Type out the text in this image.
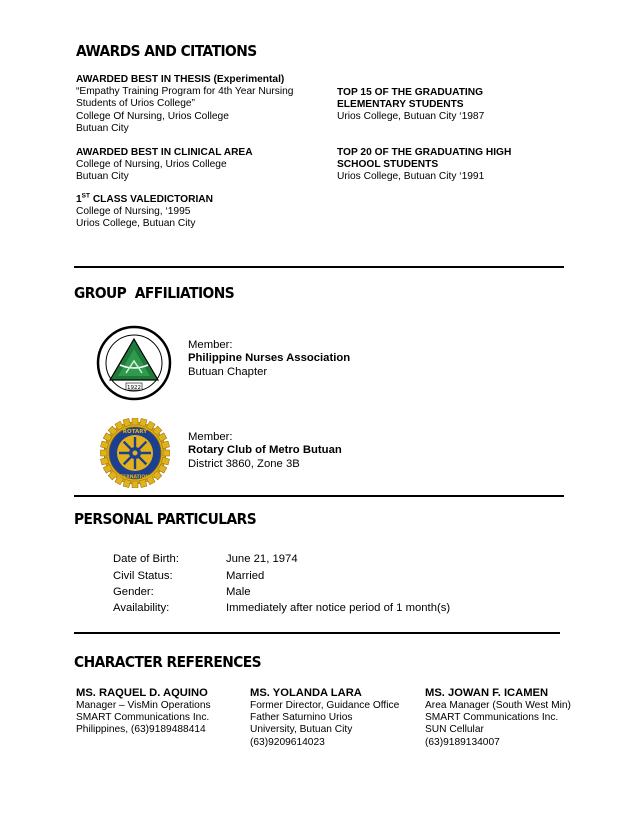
AWARDS AND CITATIONS
AWARDED BEST IN THESIS (Experimental)
“Empathy Training Program for 4th Year Nursing
Students of Urios College”
College Of Nursing, Urios College
Butuan City
AWARDED BEST IN CLINICAL AREA
College of Nursing, Urios College
Butuan City
1ST CLASS VALEDICTORIAN
College of Nursing, ‘1995
Urios College, Butuan City
TOP 15 OF THE GRADUATING
ELEMENTARY STUDENTS
Urios College, Butuan City ‘1987
TOP 20 OF THE GRADUATING HIGH
SCHOOL STUDENTS
Urios College, Butuan City ‘1991
GROUP  AFFILIATIONS
1922
Member:
Philippine Nurses Association
Butuan Chapter
ROTARY
INTERNATIONAL
Member:
Rotary Club of Metro Butuan
District 3860, Zone 3B
PERSONAL PARTICULARS
Date of Birth:	June 21, 1974
Civil Status:	Married
Gender:	Male
Availability:	Immediately after notice period of 1 month(s)
CHARACTER REFERENCES
MS. RAQUEL D. AQUINO
Manager – VisMin Operations
SMART Communications Inc.
Philippines, (63)9189488414
MS. YOLANDA LARA
Former Director, Guidance Office
Father Saturnino Urios
University, Butuan City
(63)9209614023
MS. JOWAN F. ICAMEN
Area Manager (South West Min)
SMART Communications Inc.
SUN Cellular
(63)9189134007
